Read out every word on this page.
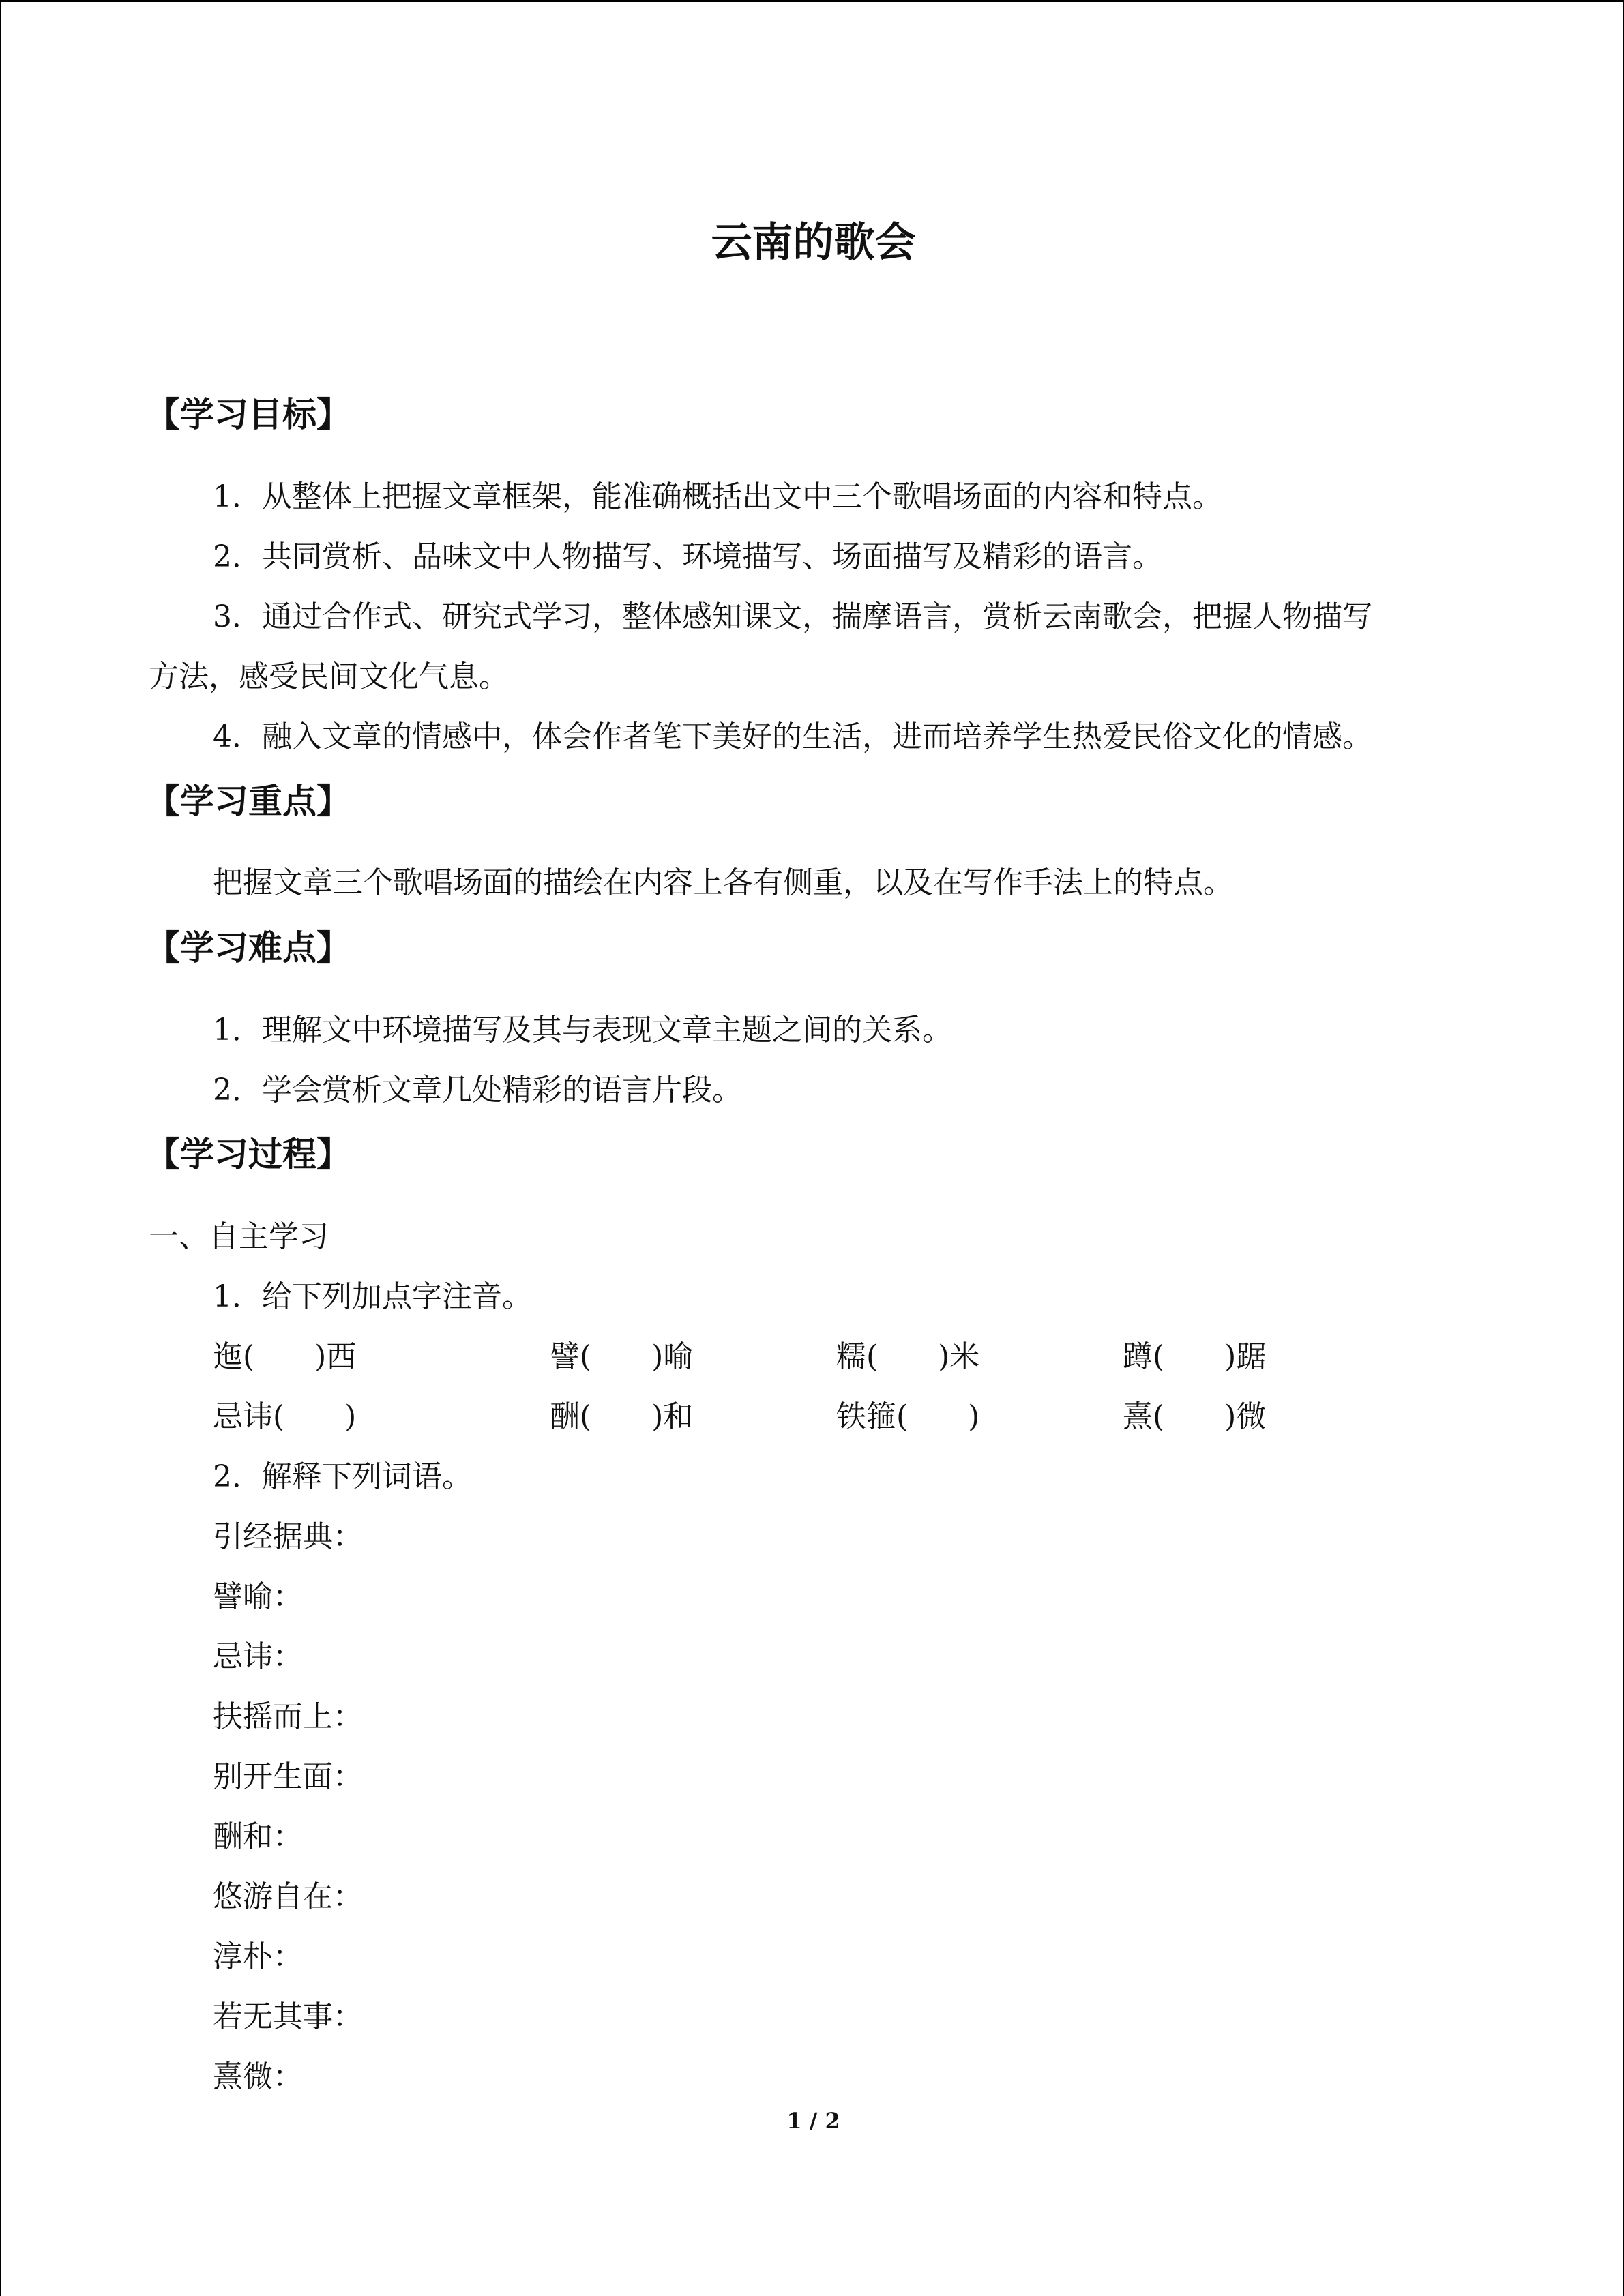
云南的歌会
【学习目标】
1．从整体上把握文章框架，能准确概括出文中三个歌唱场面的内容和特点。
2．共同赏析、品味文中人物描写、环境描写、场面描写及精彩的语言。
3．通过合作式、研究式学习，整体感知课文，揣摩语言，赏析云南歌会，把握人物描写
方法，感受民间文化气息。
4．融入文章的情感中，体会作者笔下美好的生活，进而培养学生热爱民俗文化的情感。
【学习重点】
把握文章三个歌唱场面的描绘在内容上各有侧重，以及在写作手法上的特点。
【学习难点】
1．理解文中环境描写及其与表现文章主题之间的关系。
2．学会赏析文章几处精彩的语言片段。
【学习过程】
一、自主学习
1．给下列加点字注音。
迤(　　)西	譬(　　)喻	糯(　　)米	蹲(　　)踞
忌讳(　　)	酬(　　)和	铁箍(　　)	熹(　　)微
2．解释下列词语。
引经据典：
譬喻：
忌讳：
扶摇而上：
别开生面：
酬和：
悠游自在：
淳朴：
若无其事：
熹微：
1 / 2
